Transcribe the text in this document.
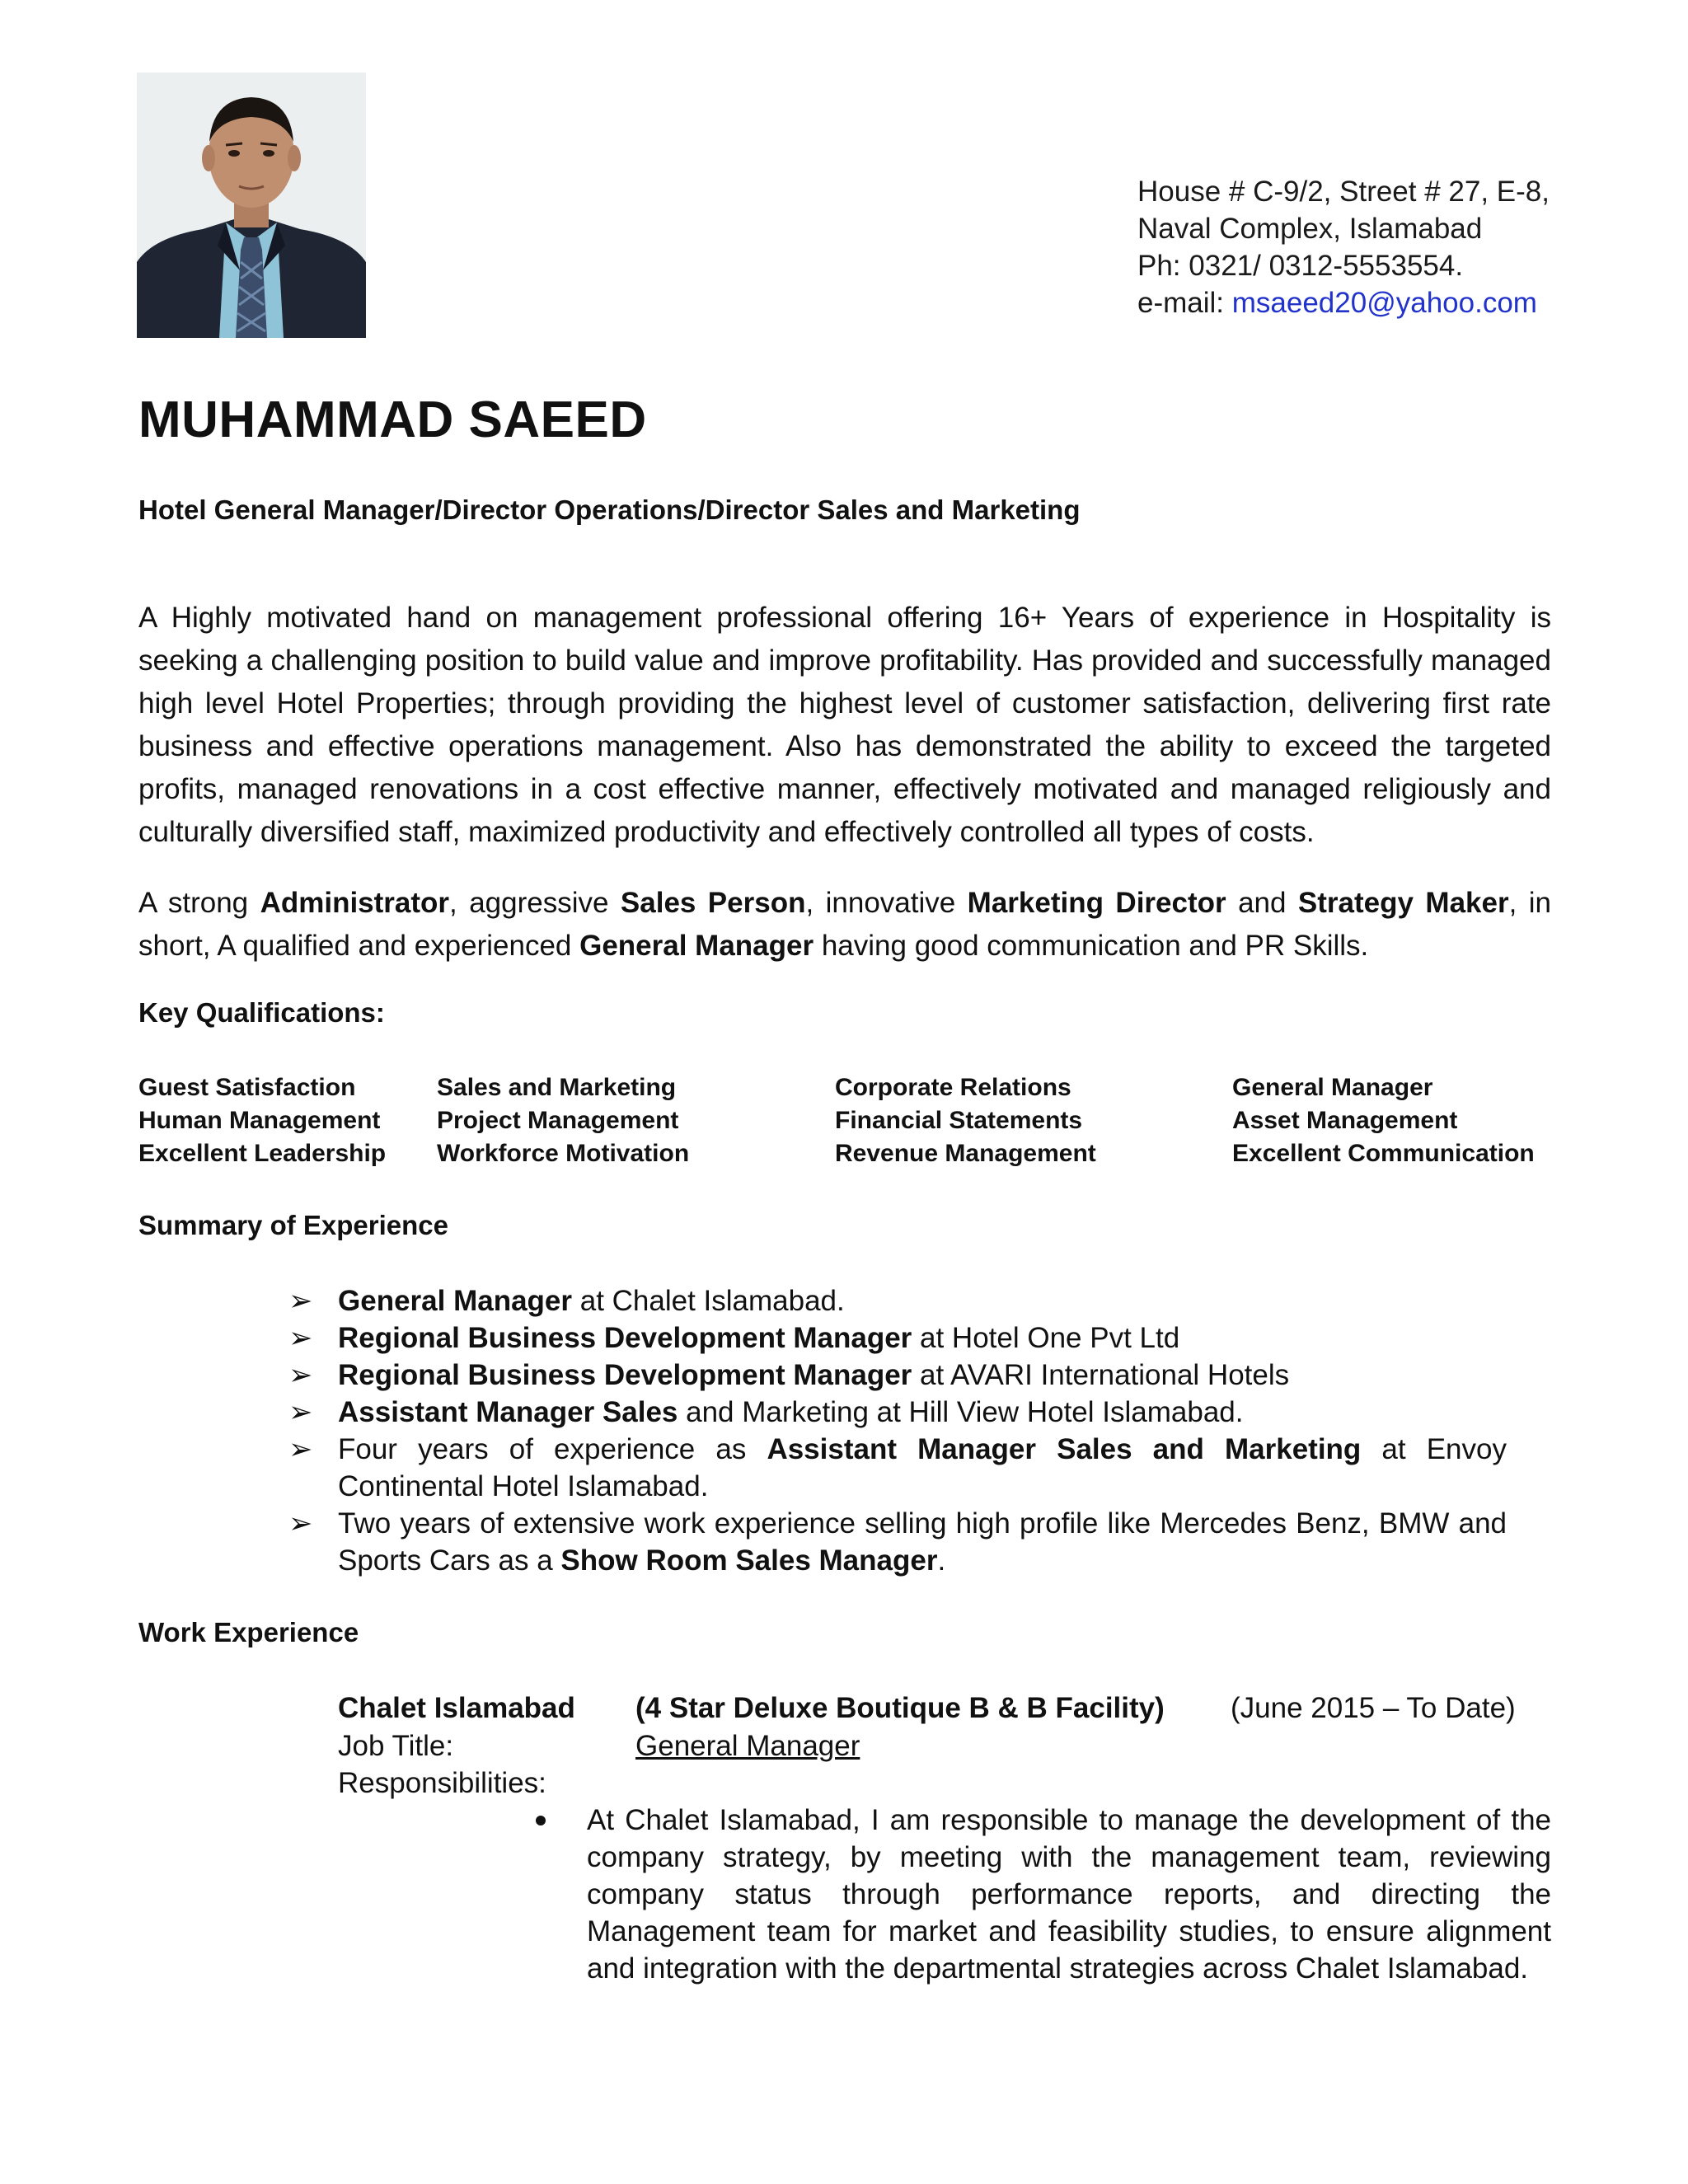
House # C-9/2, Street # 27, E-8,
Naval Complex, Islamabad
Ph: 0321/ 0312-5553554.
e-mail: msaeed20@yahoo.com
MUHAMMAD SAEED
Hotel General Manager/Director Operations/Director Sales and Marketing
A Highly motivated hand on management professional offering 16+ Years of experience in Hospitality is seeking a challenging position to build value and improve profitability. Has provided and successfully managed high level Hotel Properties; through providing the highest level of customer satisfaction, delivering first rate business and effective operations management. Also has demonstrated the ability to exceed the targeted profits, managed renovations in a cost effective manner, effectively motivated and managed religiously and culturally diversified staff, maximized productivity and effectively controlled all types of costs.
A strong Administrator, aggressive Sales Person, innovative Marketing Director and Strategy Maker, in short, A qualified and experienced General Manager having good communication and PR Skills.
Key Qualifications:
Guest Satisfaction
Human Management
Excellent Leadership
Sales and Marketing
Project Management
Workforce Motivation
Corporate Relations
Financial Statements
Revenue Management
General Manager
Asset Management
Excellent Communication
Summary of Experience
➢ General Manager at Chalet Islamabad.
➢ Regional Business Development Manager at Hotel One Pvt Ltd
➢ Regional Business Development Manager at AVARI International Hotels
➢ Assistant Manager Sales and Marketing at Hill View Hotel Islamabad.
➢ Four years of experience as Assistant Manager Sales and Marketing at Envoy Continental Hotel Islamabad.
➢ Two years of extensive work experience selling high profile like Mercedes Benz, BMW and Sports Cars as a Show Room Sales Manager.
Work Experience
Chalet Islamabad (4 Star Deluxe Boutique B & B Facility) (June 2015 – To Date)
Job Title:	General Manager
Responsibilities:
At Chalet Islamabad, I am responsible to manage the development of the company strategy, by meeting with the management team, reviewing company status through performance reports, and directing the Management team for market and feasibility studies, to ensure alignment and integration with the departmental strategies across Chalet Islamabad.
